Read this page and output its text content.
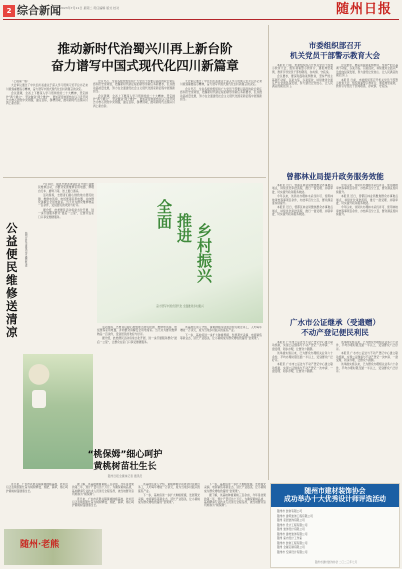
2 综合新闻 2023年7月11日 星期二 责任编辑 版式 校对	随州日报
推动新时代治蜀兴川再上新台阶
奋力谱写中国式现代化四川新篇章

（上接第一版）

大会审议通过了中共四川省委关于深入学习贯彻习近平总书记来川视察重要指示精神，奋力谱写中国式现代化四川新篇章的决定。

会议强调，全省上下要深入学习贯彻党的二十大精神，坚定拥护“两个确立”、坚决做到“两个维护”，更加紧密地团结在以习近平同志为核心的党中央周围，锚定目标，拼搏进取，推动新时代治蜀兴川再上新台阶。

会议号召，全省各级党组织和广大党员干部要以高度的政治责任感和历史使命感，把握新时代新征程的新形势新任务新要求，扎实推动高质量发展，努力在全面建设社会主义现代化国家新征程中展现新担当。

会议强调，全省上下要深入学习贯彻党的二十大精神，坚定拥护“两个确立”、坚决做到“两个维护”，更加紧密地团结在以习近平同志为核心的党中央周围，锚定目标，拼搏进取，推动新时代治蜀兴川再上新台阶。

大会审议通过了中共四川省委关于深入学习贯彻习近平总书记来川视察重要指示精神，奋力谱写中国式现代化四川新篇章的决定。

会议号召，全省各级党组织和广大党员干部要以高度的政治责任感和历史使命感，把握新时代新征程的新形势新任务新要求，扎实推动高质量发展，努力在全面建设社会主义现代化国家新征程中展现新担当。

市委组织部召开
机关党员干部警示教育大会

本报讯 日前，市委组织部召开机关党员干部警示教育大会，组织观看警示教育片，通报典型案例，教育引导党员干部知敬畏、存戒惧、守底线。

会议要求，要深刻汲取案例教训，坚持严的主基调不动摇，以案为鉴、以案促改，持续推进全面从严治党向纵深发展，努力建设让党放心、让人民满意的模范部门。

会议要求，要深刻汲取案例教训，坚持严的主基调不动摇，以案为鉴、以案促改，持续推进全面从严治党向纵深发展，努力建设让党放心、让人民满意的模范部门。

本报讯 日前，市委组织部召开机关党员干部警示教育大会，组织观看警示教育片，通报典型案例，教育引导党员干部知敬畏、存戒惧、守底线。

曾都林业局提升政务服务效能

本报讯 近日，曾都区林业局聚焦群众办事难点堵点，持续优化审批流程，推行一窗受理、并联审批，切实提升政务服务效能。

今年以来，该局共办理林木采伐许可、使用林地审核等事项百余件，办结率百分之百，群众满意度持续提升。

本报讯 近日，曾都区林业局聚焦群众办事难点堵点，持续优化审批流程，推行一窗受理、并联审批，切实提升政务服务效能。

今年以来，该局共办理林木采伐许可、使用林地审核等事项百余件，办结率百分之百，群众满意度持续提升。

本报讯 近日，曾都区林业局聚焦群众办事难点堵点，持续优化审批流程，推行一窗受理、并联审批，切实提升政务服务效能。

今年以来，该局共办理林木采伐许可、使用林地审核等事项百余件，办结率百分之百，群众满意度持续提升。

广水市公证继承（受遗赠）
不动产登记便民利民

本报讯 广水市公证处与不动产登记中心建立联动机制，实现公证继承与不动产登记一次申请、一窗受理、同步办理，让群众少跑腿。

该举措实施以来，已为群众办理相关业务六十余件，平均办理时限压缩一半以上，受到群众广泛好评。

本报讯 广水市公证处与不动产登记中心建立联动机制，实现公证继承与不动产登记一次申请、一窗受理、同步办理，让群众少跑腿。

该举措实施以来，已为群众办理相关业务六十余件，平均办理时限压缩一半以上，受到群众广泛好评。

本报讯 广水市公证处与不动产登记中心建立联动机制，实现公证继承与不动产登记一次申请、一窗受理、同步办理，让群众少跑腿。

该举措实施以来，已为群众办理相关业务六十余件，平均办理时限压缩一半以上，受到群众广泛好评。

公益便民维修送清凉
随州日报全媒体记者 摄影报道

7月10日，随县志愿者来到社区开展公益便民维修活动，为群众免费维修家用电器、修理自行车、磨剪刀等，送上夏日清凉。

活动现场，志愿者们耐心细致地为居民检测、维修电风扇、电饭煲等家用电器，并向群众讲解安全用电常识。当天共为群众维修物品一百余件，受到居民的欢迎与好评。

据介绍，此类便民活动将常态化开展，进一步打通服务群众“最后一公里”，让群众在家门口享受便捷服务。	全面 推进 乡村振兴
奋力谱写中国式现代化 全面推进乡村振兴

该基地负责人介绍，黄桃种植带动周边村民就近务工，人均每年增收一万余元，成为当地乡村振兴的富民产业。

下一步，基地将进一步扩大种植规模，发展观光采摘、电商销售等新业态，延长产业链条，让小黄桃成为群众增收致富的“金果果”。

活动现场，志愿者们耐心细致地为居民检测、维修电风扇、电饭煲等家用电器，并向群众讲解安全用电常识。当天共为群众维修物品一百余件，受到居民的欢迎与好评。

据介绍，此类便民活动将常态化开展，进一步打通服务群众“最后一公里”，让群众在家门口享受便捷服务。

“桃保姆”细心呵护
黄桃树苗壮生长
随州日报全媒体记者 通讯员

连日来，广水市武胜关镇黄桃种植基地，技术员们正在桃园里忙着为桃树修枝、施肥、除草，细心呵护黄桃树苗健康生长。

据了解，该基地种植黄桃三百余亩，今年是挂果的第二年，预计产量可达十万斤。为确保黄桃品质，基地聘请专业技术人员进行全程指导，被当地群众亲切地称为“桃保姆”。

连日来，广水市武胜关镇黄桃种植基地，技术员们正在桃园里忙着为桃树修枝、施肥、除草，细心呵护黄桃树苗健康生长。

该基地负责人介绍，黄桃种植带动周边村民就近务工，人均每年增收一万余元，成为当地乡村振兴的富民产业。

下一步，基地将进一步扩大种植规模，发展观光采摘、电商销售等新业态，延长产业链条，让小黄桃成为群众增收致富的“金果果”。

下一步，基地将进一步扩大种植规模，发展观光采摘、电商销售等新业态，延长产业链条，让小黄桃成为群众增收致富的“金果果”。

据了解，该基地种植黄桃三百余亩，今年是挂果的第二年，预计产量可达十万斤。为确保黄桃品质，基地聘请专业技术人员进行全程指导，被当地群众亲切地称为“桃保姆”。

随州·老熊
随州市建材装饰协会
成功举办十大优秀设计师评选活动
随州市 装饰有限公司
随州市 建筑装饰工程有限公司
随州 家居装饰有限公司
随州市 设计工程有限公司
随州 装饰设计有限公司
随州市 建材装饰有限公司
随州 室内设计工作室
随州市 装饰工程有限公司
随州 全屋定制有限公司
随州市 空间设计有限公司
随州市建材装饰协会 二〇二三年七月
